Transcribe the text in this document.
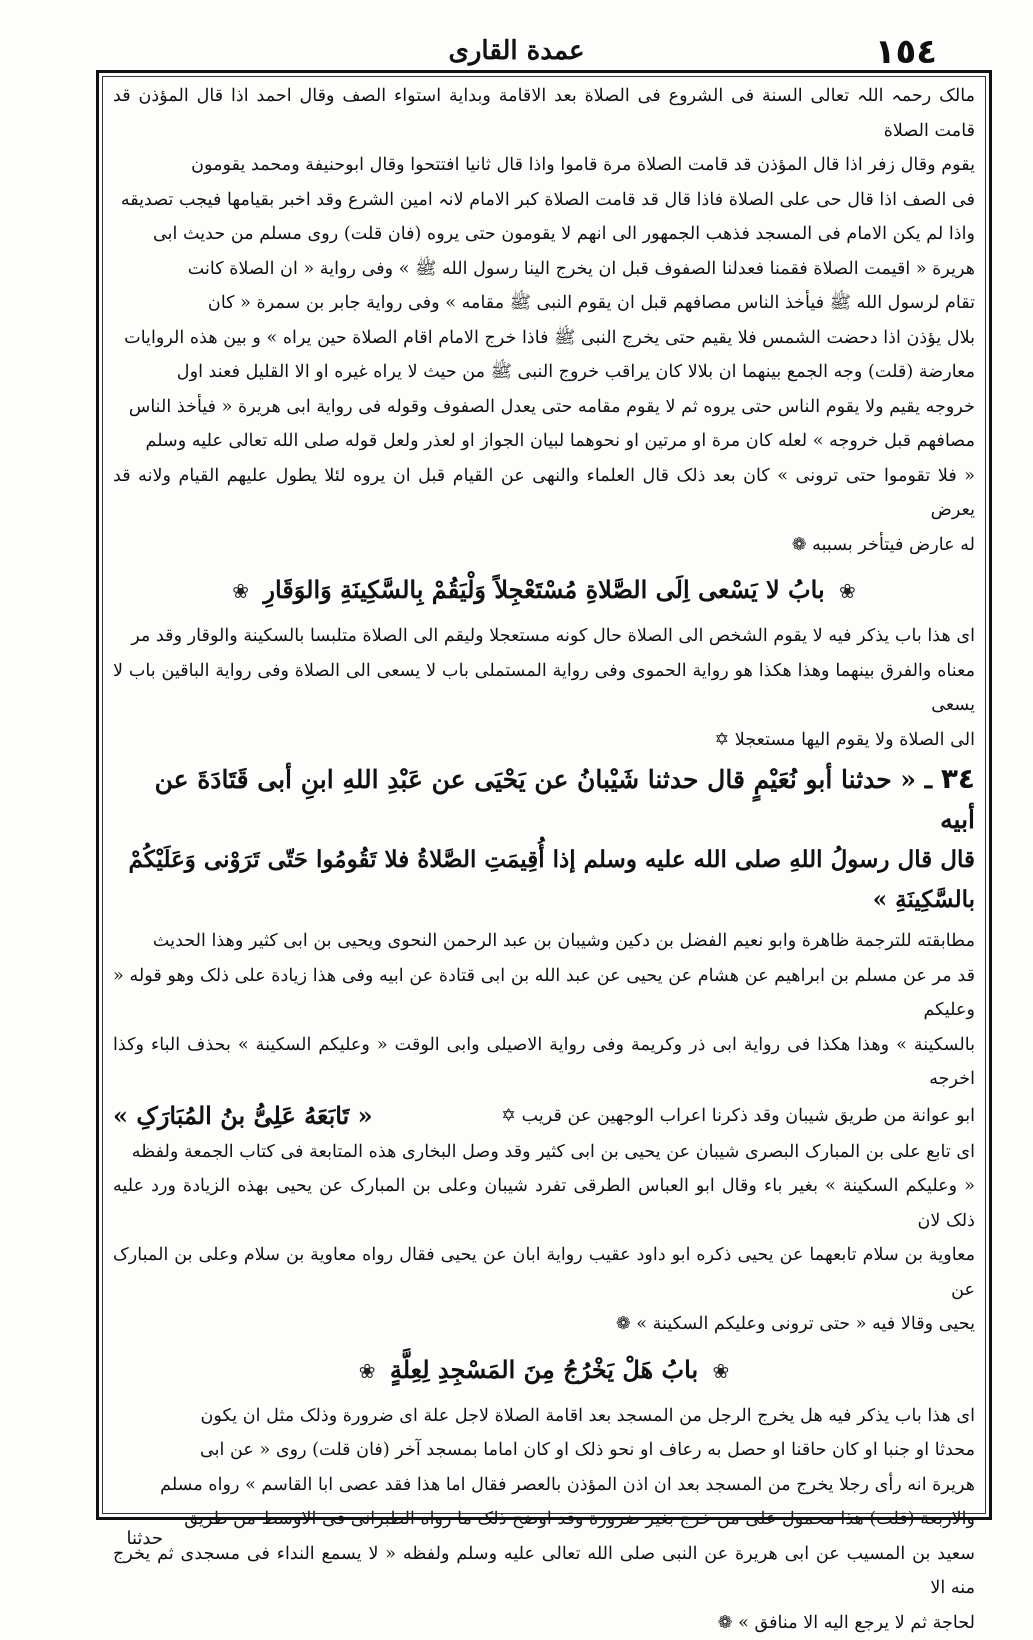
١٥٤
عمدة القاری
مالک رحمہ اللہ تعالی السنة فی الشروع فی الصلاة بعد الاقامة وبدایة استواء الصف وقال احمد اذا قال المؤذن قد قامت الصلاة
یقوم وقال زفر اذا قال المؤذن قد قامت الصلاة مرة قاموا واذا قال ثانیا افتتحوا وقال ابوحنیفة ومحمد یقومون
فی الصف اذا قال حی علی الصلاة فاذا قال قد قامت الصلاة کبر الامام لانہ امین الشرع وقد اخبر بقیامها فیجب تصدیقه
واذا لم یکن الامام فی المسجد فذهب الجمهور الی انهم لا یقومون حتی یروه (فان قلت) روی مسلم من حدیث ابی
هریرة « اقیمت الصلاة فقمنا فعدلنا الصفوف قبل ان یخرج الینا رسول الله ﷺ » وفی روایة « ان الصلاة کانت
تقام لرسول الله ﷺ فیأخذ الناس مصافهم قبل ان یقوم النبی ﷺ مقامه » وفی روایة جابر بن سمرة « کان
بلال یؤذن اذا دحضت الشمس فلا یقیم حتی یخرج النبی ﷺ فاذا خرج الامام اقام الصلاة حین یراه » و بین هذه الروایات
معارضة (قلت) وجه الجمع بینهما ان بلالا کان یراقب خروج النبی ﷺ من حیث لا یراه غیره او الا القلیل فعند اول
خروجه یقیم ولا یقوم الناس حتی یروه ثم لا یقوم مقامه حتی یعدل الصفوف وقوله فی روایة ابی هریرة « فیأخذ الناس
مصافهم قبل خروجه » لعله کان مرة او مرتین او نحوهما لبیان الجواز او لعذر ولعل قوله صلی الله تعالی علیه وسلم
« فلا تقوموا حتی ترونی » کان بعد ذلک قال العلماء والنهی عن القیام قبل ان یروه لئلا یطول علیهم القیام ولانه قد یعرض
له عارض فیتأخر بسببه ❁
❀ بابُ لا یَسْعی اِلَی الصَّلاةِ مُسْتَعْجِلاً وَلْیَقُمْ بِالسَّکِینَةِ وَالوَقَارِ ❀
ای هذا باب یذکر فیه لا یقوم الشخص الی الصلاة حال کونه مستعجلا ولیقم الی الصلاة متلبسا بالسکینة والوقار وقد مر
معناه والفرق بینهما وهذا هکذا هو روایة الحموی وفی روایة المستملی باب لا یسعی الی الصلاة وفی روایة الباقین باب لا یسعی
الی الصلاة ولا یقوم الیها مستعجلا ✡
٣٤ ـ « حدثنا أبو نُعَیْمٍ قال حدثنا شَیْبانُ عن یَحْیَی عن عَبْدِ اللهِ ابنِ أبی قَتَادَةَ عن أبیه
قال قال رسولُ اللهِ صلی الله علیه وسلم إذا أُقِیمَتِ الصَّلاةُ فلا تَقُومُوا حَتّی تَرَوْنی وَعَلَیْکُمْ بالسَّکِینَةِ »
مطابقته للترجمة ظاهرة وابو نعیم الفضل بن دکین وشیبان بن عبد الرحمن النحوی ویحیی بن ابی کثیر وهذا الحدیث
قد مر عن مسلم بن ابراهیم عن هشام عن یحیی عن عبد الله بن ابی قتادة عن ابیه وفی هذا زیادة علی ذلک وهو قوله « وعلیکم
بالسکینة » وهذا هکذا فی روایة ابی ذر وکریمة وفی روایة الاصیلی وابی الوقت « وعلیکم السکینة » بحذف الباء وکذا اخرجه
ابو عوانة من طریق شیبان وقد ذکرنا اعراب الوجهین عن قریب ✡
« تَابَعَهُ عَلِیُّ بنُ المُبَارَکِ »
ای تابع علی بن المبارک البصری شیبان عن یحیی بن ابی کثیر وقد وصل البخاری هذه المتابعة فی کتاب الجمعة ولفظه
« وعلیکم السکینة » بغیر باء وقال ابو العباس الطرقی تفرد شیبان وعلی بن المبارک عن یحیی بهذه الزیادة ورد علیه ذلک لان
معاویة بن سلام تابعهما عن یحیی ذکره ابو داود عقیب روایة ابان عن یحیی فقال رواه معاویة بن سلام وعلی بن المبارک عن
یحیی وقالا فیه « حتی ترونی وعلیکم السکینة » ❁
❀ بابُ هَلْ یَخْرُجُ مِنَ المَسْجِدِ لِعِلَّةٍ ❀
ای هذا باب یذکر فیه هل یخرج الرجل من المسجد بعد اقامة الصلاة لاجل علة ای ضرورة وذلک مثل ان یکون
محدثا او جنبا او کان حاقنا او حصل به رعاف او نحو ذلک او کان اماما بمسجد آخر (فان قلت) روی « عن ابی
هریرة انه رأی رجلا یخرج من المسجد بعد ان اذن المؤذن بالعصر فقال اما هذا فقد عصی ابا القاسم » رواه مسلم
والاربعة (قلت) هذا محمول علی من خرج بغیر ضرورة وقد اوضح ذلک ما رواه الطبرانی فی الاوسط من طریق
سعید بن المسیب عن ابی هریرة عن النبی صلی الله تعالی علیه وسلم ولفظه « لا یسمع النداء فی مسجدی ثم یخرج منه الا
لحاجة ثم لا یرجع الیه الا منافق » ❁
حدثنا
